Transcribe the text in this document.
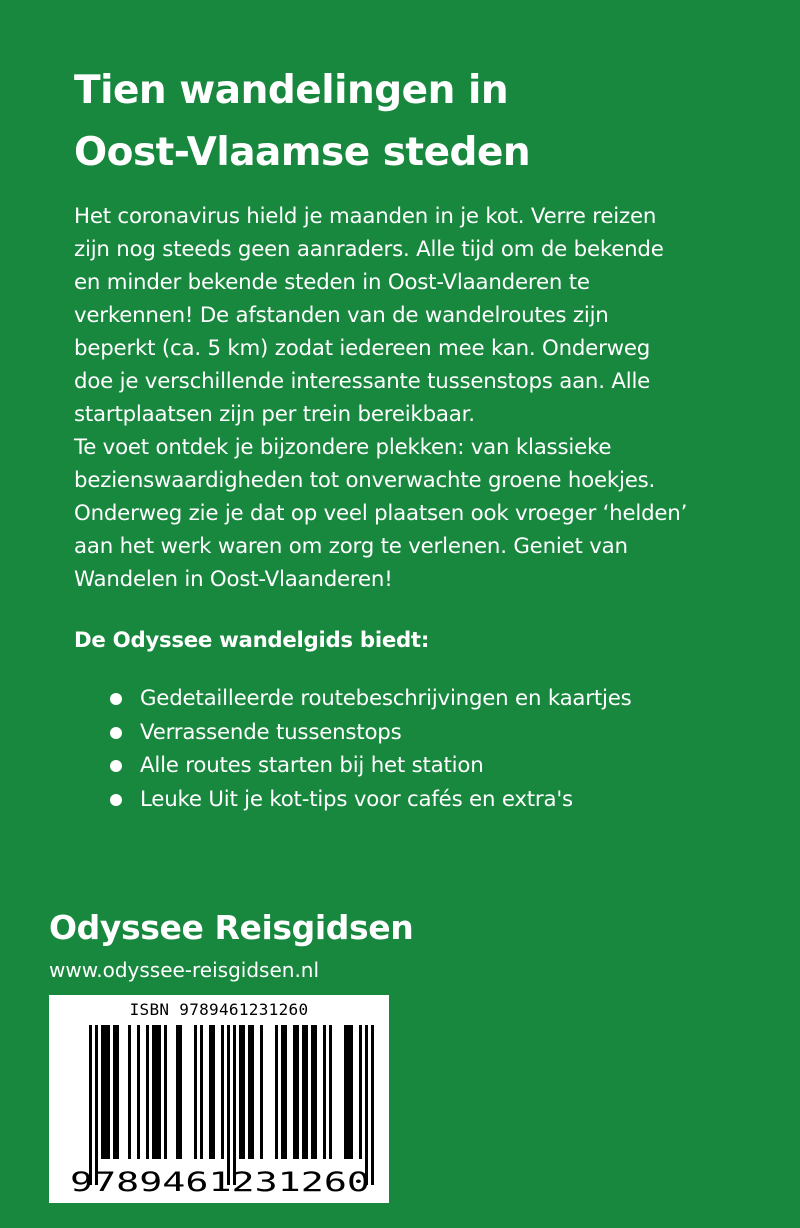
Tien wandelingen in
Oost-Vlaamse steden
Het coronavirus hield je maanden in je kot. Verre reizen
zijn nog steeds geen aanraders. Alle tijd om de bekende
en minder bekende steden in Oost-Vlaanderen te
verkennen! De afstanden van de wandelroutes zijn
beperkt (ca. 5 km) zodat iedereen mee kan. Onderweg
doe je verschillende interessante tussenstops aan. Alle
startplaatsen zijn per trein bereikbaar.
Te voet ontdek je bijzondere plekken: van klassieke
bezienswaardigheden tot onverwachte groene hoekjes.
Onderweg zie je dat op veel plaatsen ook vroeger ‘helden’
aan het werk waren om zorg te verlenen. Geniet van
Wandelen in Oost-Vlaanderen!
De Odyssee wandelgids biedt:
Gedetailleerde routebeschrijvingen en kaartjes
Verrassende tussenstops
Alle routes starten bij het station
Leuke Uit je kot-tips voor cafés en extra's
Odyssee Reisgidsen
www.odyssee-reisgidsen.nl
ISBN 9789461231260
9789461231260
